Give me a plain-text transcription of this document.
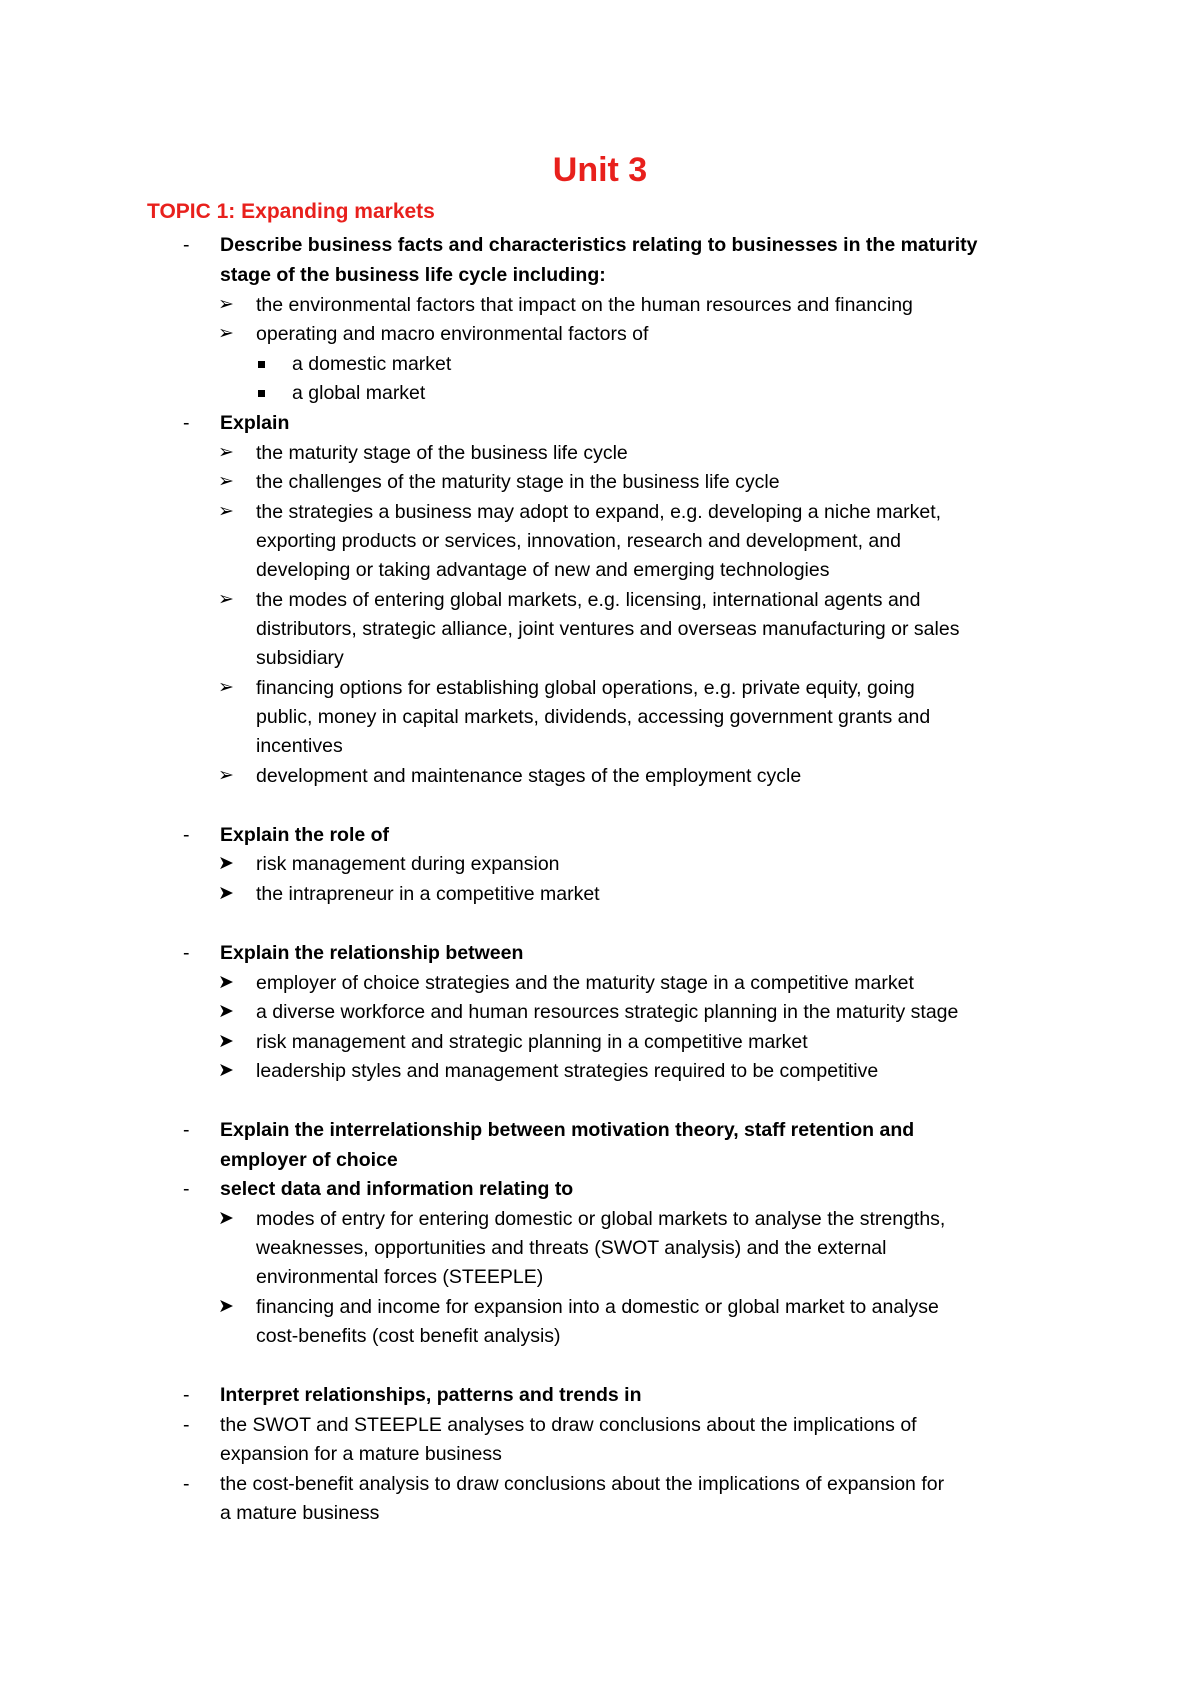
Unit 3
TOPIC 1: Expanding markets
- Describe business facts and characteristics relating to businesses in the maturity
stage of the business life cycle including:
➢ the environmental factors that impact on the human resources and financing
➢ operating and macro environmental factors of
a domestic market
a global market
- Explain
➢ the maturity stage of the business life cycle
➢ the challenges of the maturity stage in the business life cycle
➢ the strategies a business may adopt to expand, e.g. developing a niche market,
exporting products or services, innovation, research and development, and
developing or taking advantage of new and emerging technologies
➢ the modes of entering global markets, e.g. licensing, international agents and
distributors, strategic alliance, joint ventures and overseas manufacturing or sales
subsidiary
➢ financing options for establishing global operations, e.g. private equity, going
public, money in capital markets, dividends, accessing government grants and
incentives
➢ development and maintenance stages of the employment cycle
- Explain the role of
➤ risk management during expansion
➤ the intrapreneur in a competitive market
- Explain the relationship between
➤ employer of choice strategies and the maturity stage in a competitive market
➤ a diverse workforce and human resources strategic planning in the maturity stage
➤ risk management and strategic planning in a competitive market
➤ leadership styles and management strategies required to be competitive
- Explain the interrelationship between motivation theory, staff retention and
employer of choice
- select data and information relating to
➤ modes of entry for entering domestic or global markets to analyse the strengths,
weaknesses, opportunities and threats (SWOT analysis) and the external
environmental forces (STEEPLE)
➤ financing and income for expansion into a domestic or global market to analyse
cost-benefits (cost benefit analysis)
- Interpret relationships, patterns and trends in
- the SWOT and STEEPLE analyses to draw conclusions about the implications of
expansion for a mature business
- the cost-benefit analysis to draw conclusions about the implications of expansion for
a mature business
